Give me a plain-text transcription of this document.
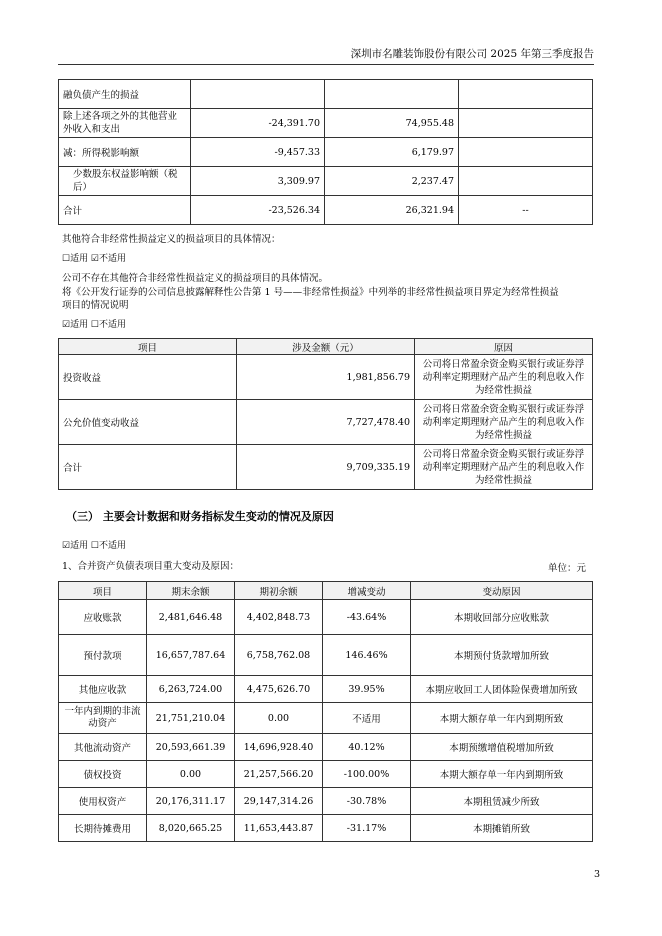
深圳市名雕装饰股份有限公司 2025 年第三季度报告
融负债产生的损益			
除上述各项之外的其他营业外收入和支出	-24,391.70	74,955.48	
减：所得税影响额	-9,457.33	6,179.97	
少数股东权益影响额（税后）	3,309.97	2,237.47	
合计	-23,526.34	26,321.94	--
其他符合非经常性损益定义的损益项目的具体情况：
☐适用 ☑不适用
公司不存在其他符合非经常性损益定义的损益项目的具体情况。
将《公开发行证券的公司信息披露解释性公告第 1 号——非经常性损益》中列举的非经常性损益项目界定为经常性损益
项目的情况说明
☑适用 ☐不适用
项目	涉及金额（元）	原因
投资收益	1,981,856.79	公司将日常盈余资金购买银行或证券浮动利率定期理财产品产生的利息收入作为经常性损益
公允价值变动收益	7,727,478.40	公司将日常盈余资金购买银行或证券浮动利率定期理财产品产生的利息收入作为经常性损益
合计	9,709,335.19	公司将日常盈余资金购买银行或证券浮动利率定期理财产品产生的利息收入作为经常性损益
（三） 主要会计数据和财务指标发生变动的情况及原因
☑适用 ☐不适用
1、合并资产负债表项目重大变动及原因：	单位：元
项目	期末余额	期初余额	增减变动	变动原因
应收账款	2,481,646.48	4,402,848.73	-43.64%	本期收回部分应收账款
预付款项	16,657,787.64	6,758,762.08	146.46%	本期预付货款增加所致
其他应收款	6,263,724.00	4,475,626.70	39.95%	本期应收回工人团体险保费增加所致
一年内到期的非流动资产	21,751,210.04	0.00	不适用	本期大额存单一年内到期所致
其他流动资产	20,593,661.39	14,696,928.40	40.12%	本期预缴增值税增加所致
债权投资	0.00	21,257,566.20	-100.00%	本期大额存单一年内到期所致
使用权资产	20,176,311.17	29,147,314.26	-30.78%	本期租赁减少所致
长期待摊费用	8,020,665.25	11,653,443.87	-31.17%	本期摊销所致
3
